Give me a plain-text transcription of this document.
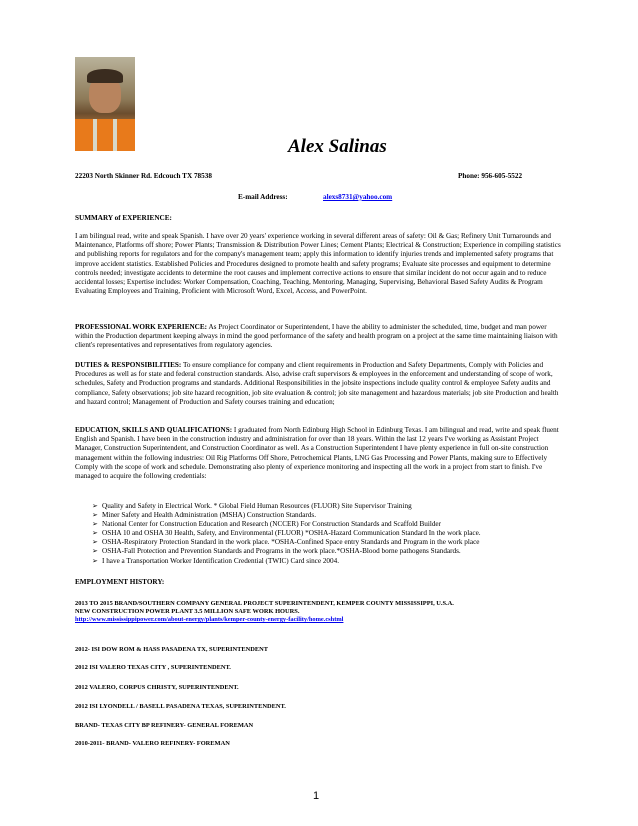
Alex Salinas
22203 North Skinner Rd. Edcouch TX 78538	Phone: 956-605-5522
E-mail Address:	alexs8731@yahoo.com
SUMMARY of EXPERIENCE:
I am bilingual read, write and speak Spanish. I have over 20 years' experience working in several different areas of safety: Oil & Gas; Refinery Unit Turnarounds and Maintenance, Platforms off shore; Power Plants; Transmission & Distribution Power Lines; Cement Plants; Electrical & Construction; Experience in compiling statistics and publishing reports for regulators and for the company's management team; apply this information to identify injuries trends and implemented safety programs that improve accident statistics. Established Policies and Procedures designed to promote health and safety programs; Evaluate site processes and equipment to determine controls needed; investigate accidents to determine the root causes and implement corrective actions to ensure that similar incident do not occur again and to reduce accidental losses; Expertise includes: Worker Compensation, Coaching, Teaching, Mentoring, Managing, Supervising, Behavioral Based Safety Audits & Program Evaluating Employees and Training, Proficient with Microsoft Word, Excel, Access, and PowerPoint.
PROFESSIONAL WORK EXPERIENCE: As Project Coordinator or Superintendent, I have the ability to administer the scheduled, time, budget and man power within the Production department keeping always in mind the good performance of the safety and health program on a project at the same time maintaining liaison with client's representatives and representatives from regulatory agencies.
DUTIES & RESPONSIBILITIES: To ensure compliance for company and client requirements in Production and Safety Departments, Comply with Policies and Procedures as well as for state and federal construction standards. Also, advise craft supervisors & employees in the enforcement and understanding of scope of work, schedules, Safety and Production programs and standards. Additional Responsibilities in the jobsite inspections include quality control & employee Safety audits and compliance, Safety observations; job site hazard recognition, job site evaluation & control; job site management and hazardous materials; job site Production and health and hazard control; Management of Production and Safety courses training and education;
EDUCATION, SKILLS AND QUALIFICATIONS: I graduated from North Edinburg High School in Edinburg Texas. I am bilingual and read, write and speak fluent English and Spanish. I have been in the construction industry and administration for over than 18 years. Within the last 12 years I've working as Assistant Project Manager, Construction Superintendent, and Construction Coordinator as well. As a Construction Superintendent I have plenty experience in full on-site construction management within the following industries: Oil Rig Platforms Off Shore, Petrochemical Plants, LNG Gas Processing and Power Plants, making sure to Effectively Comply with the scope of work and schedule. Demonstrating also plenty of experience monitoring and inspecting all the work in a project from start to finish. I've managed to acquire the following credentials:
➢ Quality and Safety in Electrical Work. * Global Field Human Resources (FLUOR) Site Supervisor Training
➢ Miner Safety and Health Administration (MSHA) Construction Standards.
➢ National Center for Construction Education and Research (NCCER) For Construction Standards and Scaffold Builder
➢ OSHA 10 and OSHA 30 Health, Safety, and Environmental (FLUOR) *OSHA-Hazard Communication Standard In the work place.
➢ OSHA-Respiratory Protection Standard in the work place. *OSHA-Confined Space entry Standards and Program in the work place
➢ OSHA-Fall Protection and Prevention Standards and Programs in the work place.*OSHA-Blood borne pathogens Standards.
➢ I have a Transportation Worker Identification Credential (TWIC) Card since 2004.
EMPLOYMENT HISTORY:
2013 TO 2015 BRAND/SOUTHERN COMPANY GENERAL PROJECT SUPERINTENDENT, KEMPER COUNTY MISSISSIPPI, U.S.A.
NEW CONSTRUCTION POWER PLANT 3.5 MILLION SAFE WORK HOURS.
http://www.mississippipower.com/about-energy/plants/kemper-county-energy-facility/home.cshtml
2012- ISI DOW ROM & HASS PASADENA TX, SUPERINTENDENT
2012 ISI VALERO TEXAS CITY , SUPERINTENDENT.
2012 VALERO, CORPUS CHRISTY, SUPERINTENDENT.
2012 ISI LYONDELL / BASELL PASADENA TEXAS, SUPERINTENDENT.
BRAND- TEXAS CITY BP REFINERY- GENERAL FOREMAN
2010-2011- BRAND- VALERO REFINERY- FOREMAN
1
